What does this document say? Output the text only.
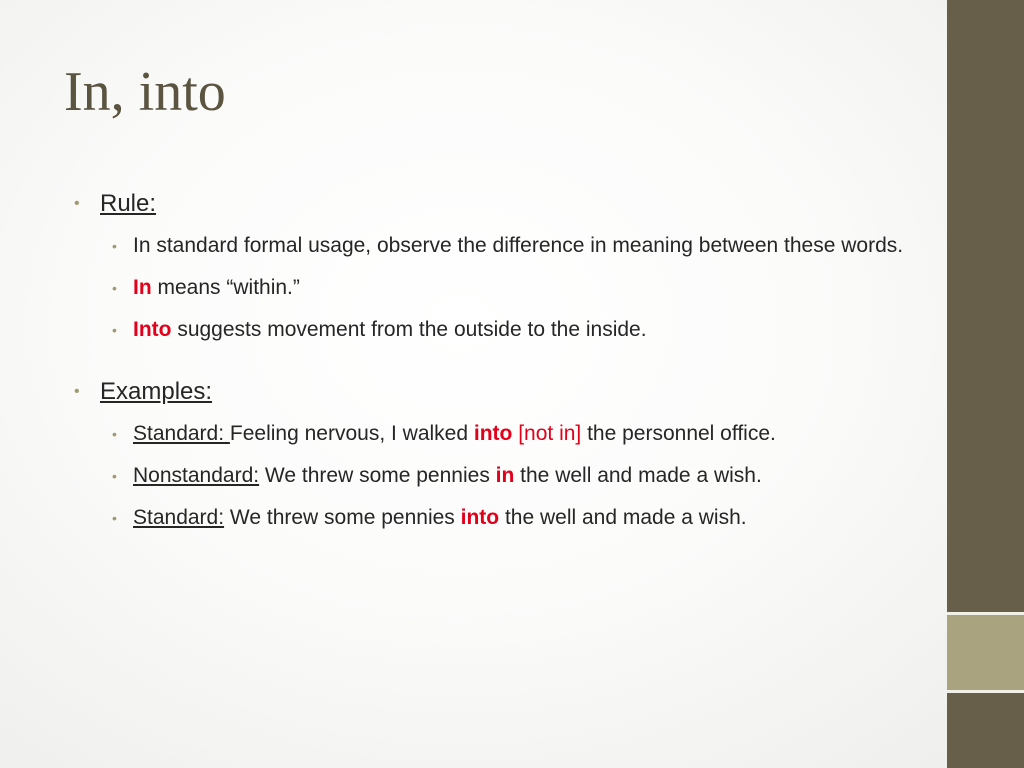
In, into

• Rule:

• In standard formal usage, observe the difference in meaning between these words.

• In means “within.”

• Into suggests movement from the outside to the inside.

• Examples:

• Standard: Feeling nervous, I walked into [not in] the personnel office.

• Nonstandard: We threw some pennies in the well and made a wish.

• Standard: We threw some pennies into the well and made a wish.
